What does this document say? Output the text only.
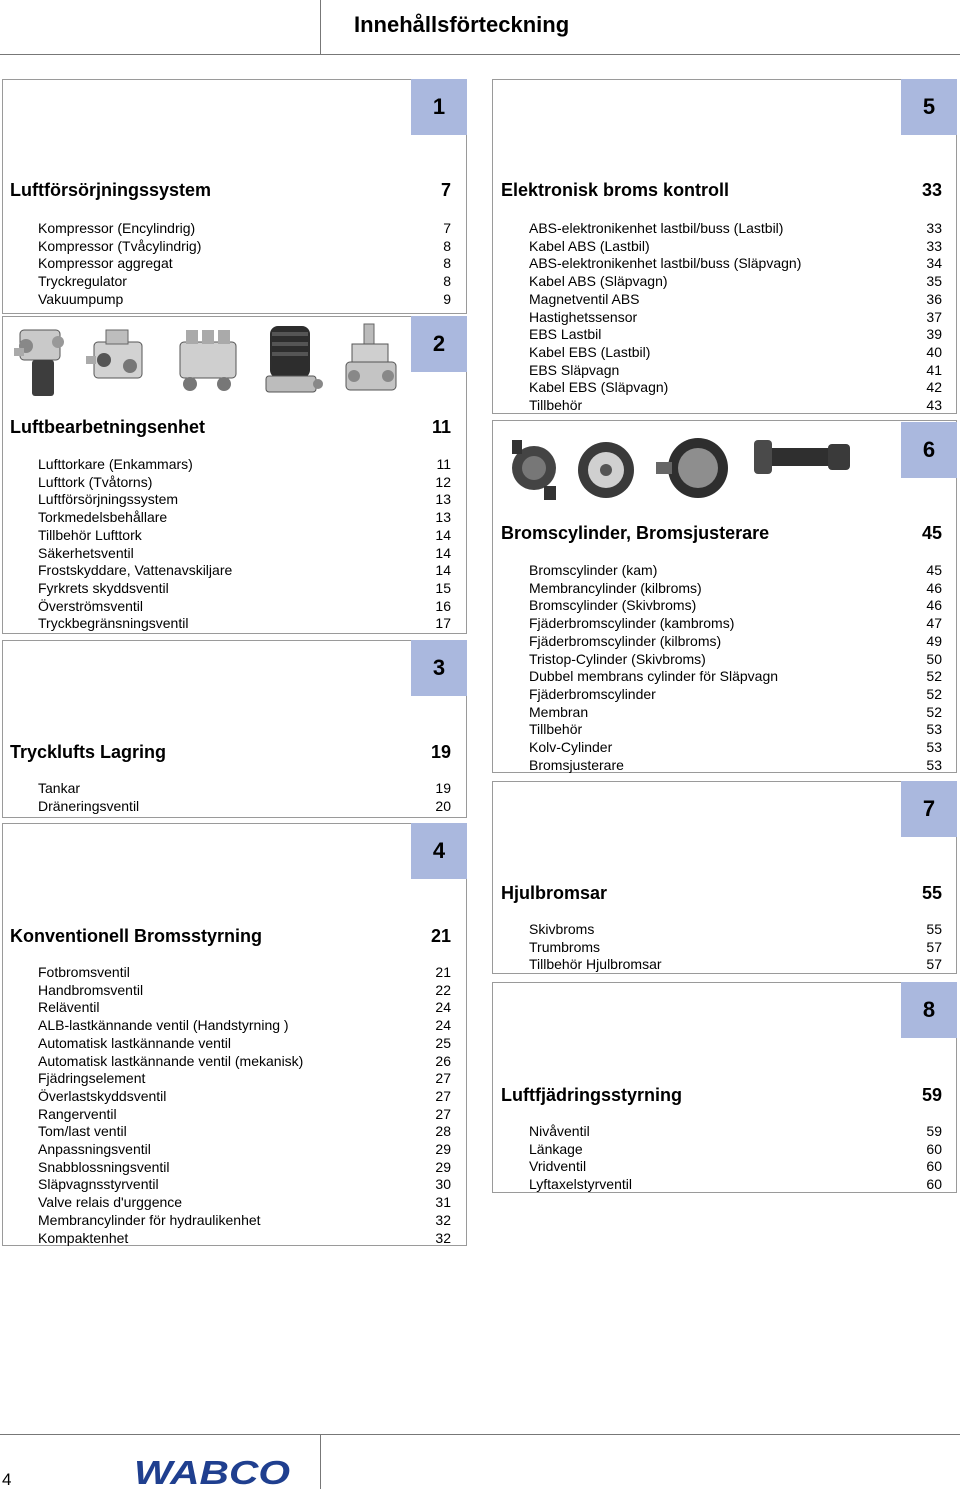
Innehållsförteckning
1
2
3
4
5
6
7
8
Luftförsörjningssystem	7
Luftbearbetningsenhet	11
Trycklufts Lagring	19
Konventionell Bromsstyrning	21
Elektronisk broms kontroll	33
Bromscylinder, Bromsjusterare	45
Hjulbromsar	55
Luftfjädringsstyrning	59
4	WABCO
Kompressor (Encylindrig)	7
Kompressor (Tvåcylindrig)	8
Kompressor aggregat	8
Tryckregulator	8
Vakuumpump	9
Lufttorkare (Enkammars)	11
Lufttork (Tvåtorns)	12
Luftförsörjningssystem	13
Torkmedelsbehållare	13
Tillbehör Lufttork	14
Säkerhetsventil	14
Frostskyddare, Vattenavskiljare	14
Fyrkrets skyddsventil	15
Överströmsventil	16
Tryckbegränsningsventil	17
Tankar	19
Dräneringsventil	20
Fotbromsventil	21
Handbromsventil	22
Reläventil	24
ALB-lastkännande ventil (Handstyrning )	24
Automatisk lastkännande ventil	25
Automatisk lastkännande ventil (mekanisk)	26
Fjädringselement	27
Överlastskyddsventil	27
Rangerventil	27
Tom/last ventil	28
Anpassningsventil	29
Snabblossningsventil	29
Släpvagnsstyrventil	30
Valve relais d'urggence	31
Membrancylinder för hydraulikenhet	32
Kompaktenhet	32
ABS-elektronikenhet lastbil/buss (Lastbil)	33
Kabel ABS (Lastbil)	33
ABS-elektronikenhet lastbil/buss (Släpvagn)	34
Kabel ABS (Släpvagn)	35
Magnetventil ABS	36
Hastighetssensor	37
EBS Lastbil	39
Kabel EBS (Lastbil)	40
EBS Släpvagn	41
Kabel EBS (Släpvagn)	42
Tillbehör	43
Bromscylinder (kam)	45
Membrancylinder (kilbroms)	46
Bromscylinder (Skivbroms)	46
Fjäderbromscylinder (kambroms)	47
Fjäderbromscylinder (kilbroms)	49
Tristop-Cylinder (Skivbroms)	50
Dubbel membrans cylinder för Släpvagn	52
Fjäderbromscylinder	52
Membran	52
Tillbehör	53
Kolv-Cylinder	53
Bromsjusterare	53
Skivbroms	55
Trumbroms	57
Tillbehör Hjulbromsar	57
Nivåventil	59
Länkage	60
Vridventil	60
Lyftaxelstyrventil	60
